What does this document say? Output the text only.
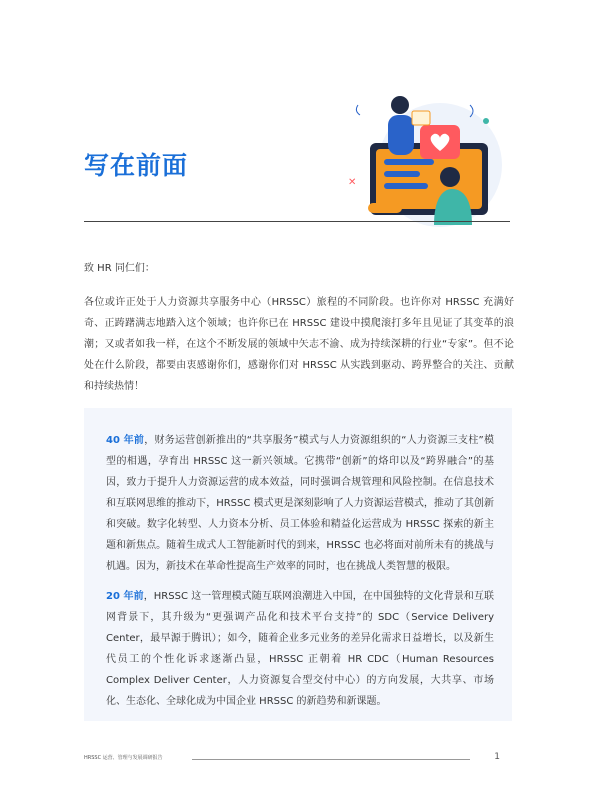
写在前面
✕
致 HR 同仁们：
各位或许正处于人力资源共享服务中心（HRSSC）旅程的不同阶段。也许你对 HRSSC 充满好奇、正踌躇满志地踏入这个领域；也许你已在 HRSSC 建设中摸爬滚打多年且见证了其变革的浪潮；又或者如我一样，在这个不断发展的领域中矢志不渝、成为持续深耕的行业“专家”。但不论处在什么阶段，都要由衷感谢你们，感谢你们对 HRSSC 从实践到驱动、跨界整合的关注、贡献和持续热情！
40 年前，财务运营创新推出的“共享服务”模式与人力资源组织的“人力资源三支柱”模型的相遇，孕育出 HRSSC 这一新兴领域。它携带“创新”的烙印以及“跨界融合”的基因，致力于提升人力资源运营的成本效益，同时强调合规管理和风险控制。在信息技术和互联网思维的推动下，HRSSC 模式更是深刻影响了人力资源运营模式，推动了其创新和突破。数字化转型、人力资本分析、员工体验和精益化运营成为 HRSSC 探索的新主题和新焦点。随着生成式人工智能新时代的到来，HRSSC 也必将面对前所未有的挑战与机遇。因为，新技术在革命性提高生产效率的同时，也在挑战人类智慧的极限。
20 年前，HRSSC 这一管理模式随互联网浪潮进入中国，在中国独特的文化背景和互联网背景下，其升级为“更强调产品化和技术平台支持”的 SDC（Service Delivery Center，最早源于腾讯）；如今，随着企业多元业务的差异化需求日益增长，以及新生代员工的个性化诉求逐渐凸显，HRSSC 正朝着 HR CDC（Human Resources Complex Deliver Center，人力资源复合型交付中心）的方向发展，大共享、市场化、生态化、全球化成为中国企业 HRSSC 的新趋势和新课题。
HRSSC 运营、管理与发展调研报告	1
